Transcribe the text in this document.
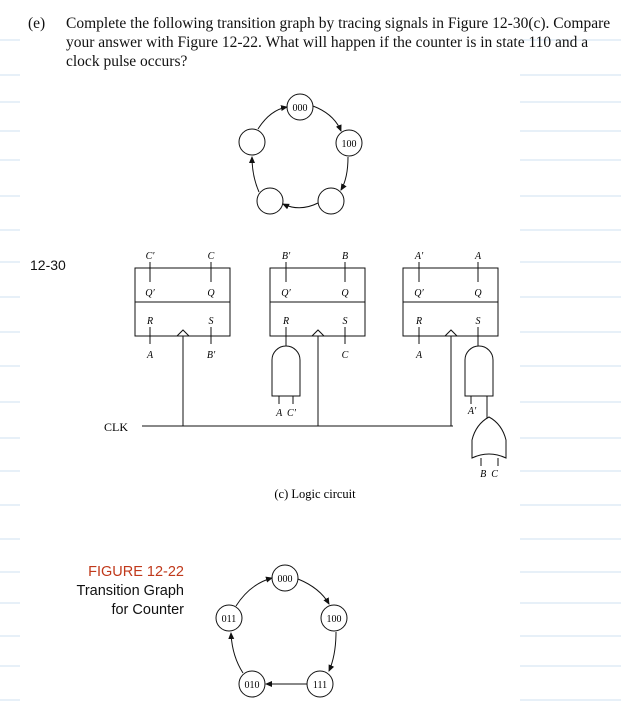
(e) Complete the following transition graph by tracing signals in Figure 12-30(c). Compare your answer with Figure 12-22. What will happen if the counter is in state 110 and a clock pulse occurs?
12-30
000
100
C′	C
Q′	Q
R	S
A	B′
B′	B
Q′	Q
R	S
C
A′	A
Q′	Q
R	S
A
A  C′	A′
B  C
CLK
(c) Logic circuit
000
100
111
010
011
FIGURE 12-22
Transition Graph
for Counter
